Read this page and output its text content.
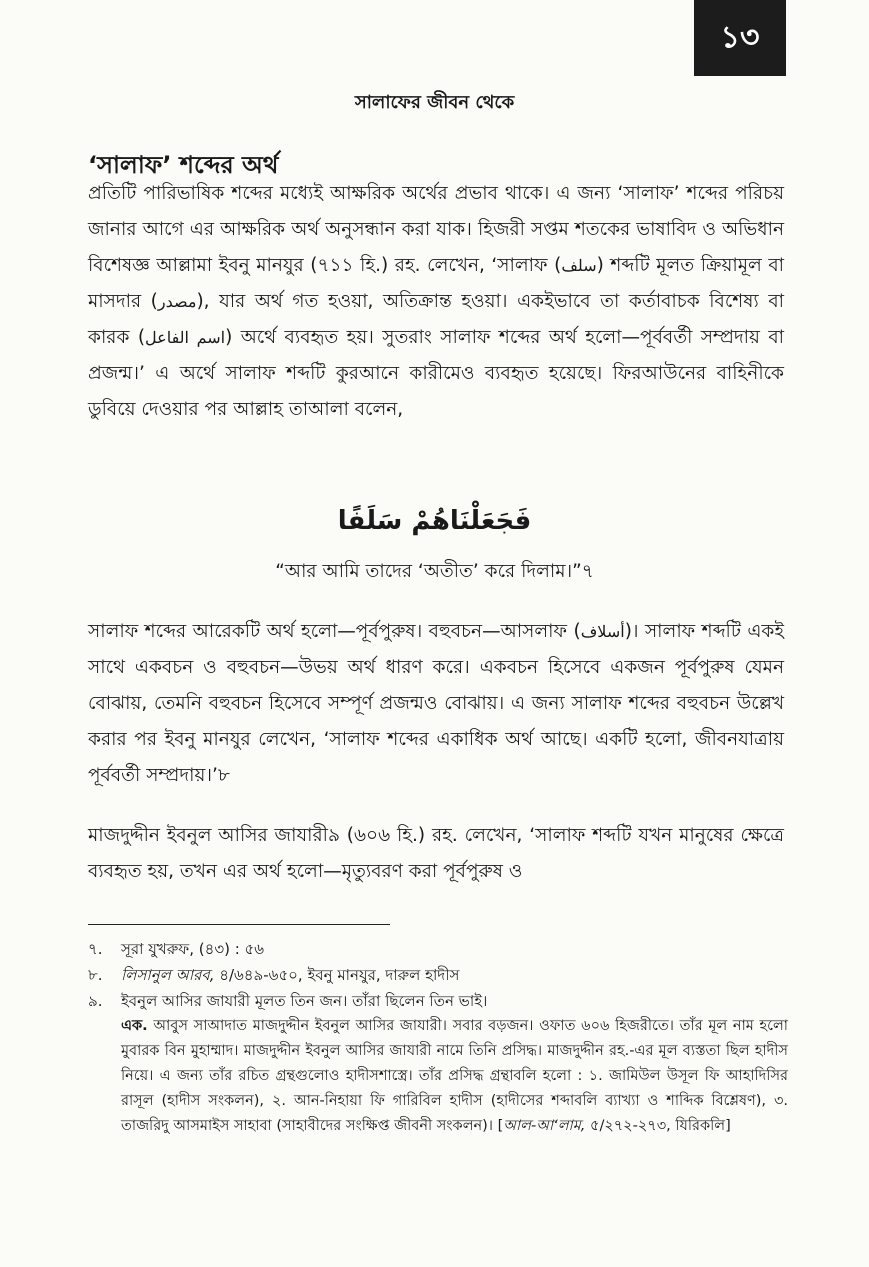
১৩
সালাফের জীবন থেকে
‘সালাফ’ শব্দের অর্থ

প্রতিটি পারিভাষিক শব্দের মধ্যেই আক্ষরিক অর্থের প্রভাব থাকে। এ জন্য ‘সালাফ’ শব্দের পরিচয় জানার আগে এর আক্ষরিক অর্থ অনুসন্ধান করা যাক। হিজরী সপ্তম শতকের ভাষাবিদ ও অভিধান বিশেষজ্ঞ আল্লামা ইবনু মানযুর (৭১১ হি.) রহ. লেখেন, ‘সালাফ (سلف) শব্দটি মূলত ক্রিয়ামূল বা মাসদার (مصدر), যার অর্থ গত হওয়া, অতিক্রান্ত হওয়া। একইভাবে তা কর্তাবাচক বিশেষ্য বা কারক (اسم الفاعل) অর্থে ব্যবহৃত হয়। সুতরাং সালাফ শব্দের অর্থ হলো—পূর্ববর্তী সম্প্রদায় বা প্রজন্ম।’ এ অর্থে সালাফ শব্দটি কুরআনে কারীমেও ব্যবহৃত হয়েছে। ফিরআউনের বাহিনীকে ডুবিয়ে দেওয়ার পর আল্লাহ তাআলা বলেন,

فَجَعَلْنَاهُمْ سَلَفًا
“আর আমি তাদের ‘অতীত’ করে দিলাম।”৭

সালাফ শব্দের আরেকটি অর্থ হলো—পূর্বপুরুষ। বহুবচন—আসলাফ (أسلاف)। সালাফ শব্দটি একই সাথে একবচন ও বহুবচন—উভয় অর্থ ধারণ করে। একবচন হিসেবে একজন পূর্বপুরুষ যেমন বোঝায়, তেমনি বহুবচন হিসেবে সম্পূর্ণ প্রজন্মও বোঝায়। এ জন্য সালাফ শব্দের বহুবচন উল্লেখ করার পর ইবনু মানযুর লেখেন, ‘সালাফ শব্দের একাধিক অর্থ আছে। একটি হলো, জীবনযাত্রায় পূর্ববর্তী সম্প্রদায়।’৮

মাজদুদ্দীন ইবনুল আসির জাযারী৯ (৬০৬ হি.) রহ. লেখেন, ‘সালাফ শব্দটি যখন মানুষের ক্ষেত্রে ব্যবহৃত হয়, তখন এর অর্থ হলো—মৃত্যুবরণ করা পূর্বপুরুষ ও

৭.	সূরা যুখরুফ, (৪৩) : ৫৬
৮.	লিসানুল আরব, ৪/৬৪৯-৬৫০, ইবনু মানযুর, দারুল হাদীস
৯.	ইবনুল আসির জাযারী মূলত তিন জন। তাঁরা ছিলেন তিন ভাই।
এক. আবুস সাআদাত মাজদুদ্দীন ইবনুল আসির জাযারী। সবার বড়জন। ওফাত ৬০৬ হিজরীতে। তাঁর মূল নাম হলো মুবারক বিন মুহাম্মাদ। মাজদুদ্দীন ইবনুল আসির জাযারী নামে তিনি প্রসিদ্ধ। মাজদুদ্দীন রহ.-এর মূল ব্যস্ততা ছিল হাদীস নিয়ে। এ জন্য তাঁর রচিত গ্রন্থগুলোও হাদীসশাস্ত্রে। তাঁর প্রসিদ্ধ গ্রন্থাবলি হলো : ১. জামিউল উসূল ফি আহাদিসির রাসূল (হাদীস সংকলন), ২. আন-নিহায়া ফি গারিবিল হাদীস (হাদীসের শব্দাবলি ব্যাখ্যা ও শাব্দিক বিশ্লেষণ), ৩. তাজরিদু আসমাইস সাহাবা (সাহাবীদের সংক্ষিপ্ত জীবনী সংকলন)। [আল-আ‘লাম, ৫/২৭২-২৭৩, যিরিকলি]
